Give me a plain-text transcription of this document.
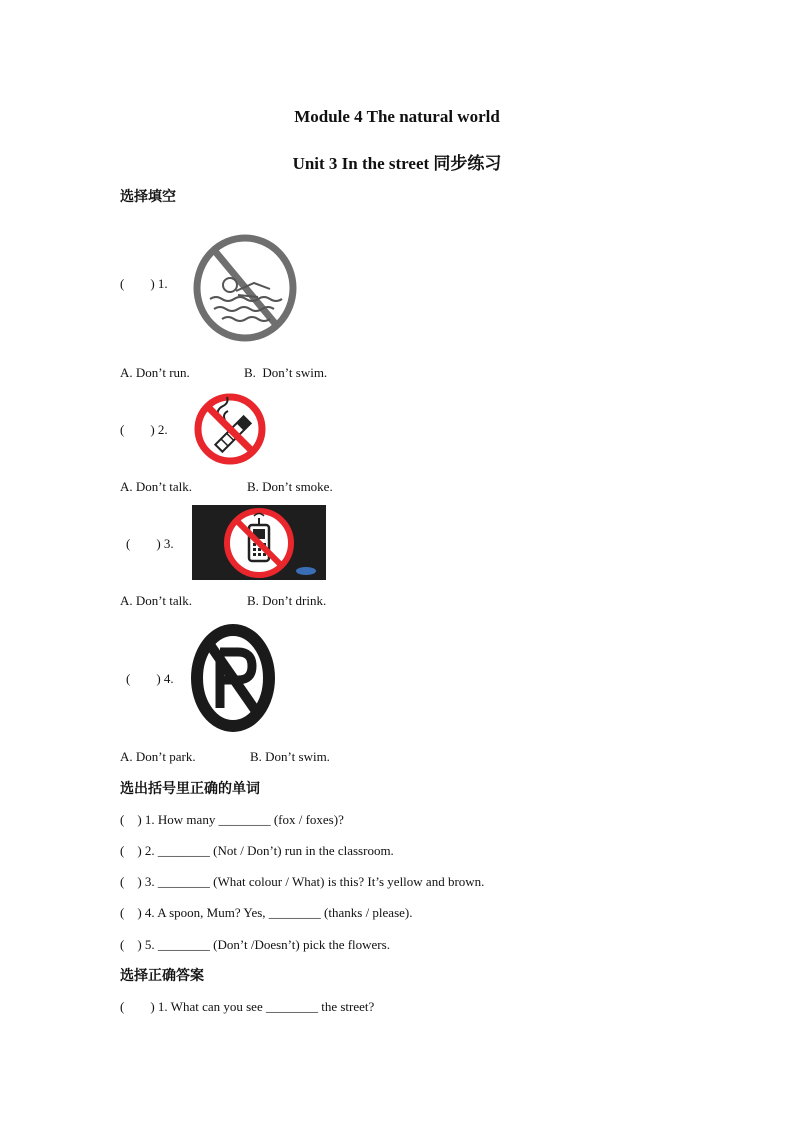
Module 4 The natural world
Unit 3 In the street 同步练习
选择填空
(        ) 1.
A. Don’t run.	B.  Don’t swim.
(        ) 2.
A. Don’t talk.	B. Don’t smoke.
(        ) 3.
A. Don’t talk.	B. Don’t drink.
(        ) 4.
A. Don’t park.	B. Don’t swim.
选出括号里正确的单词
(    ) 1. How many ________ (fox / foxes)?
(    ) 2. ________ (Not / Don’t) run in the classroom.
(    ) 3. ________ (What colour / What) is this? It’s yellow and brown.
(    ) 4. A spoon, Mum? Yes, ________ (thanks / please).
(    ) 5. ________ (Don’t /Doesn’t) pick the flowers.
选择正确答案
(        ) 1. What can you see ________ the street?
